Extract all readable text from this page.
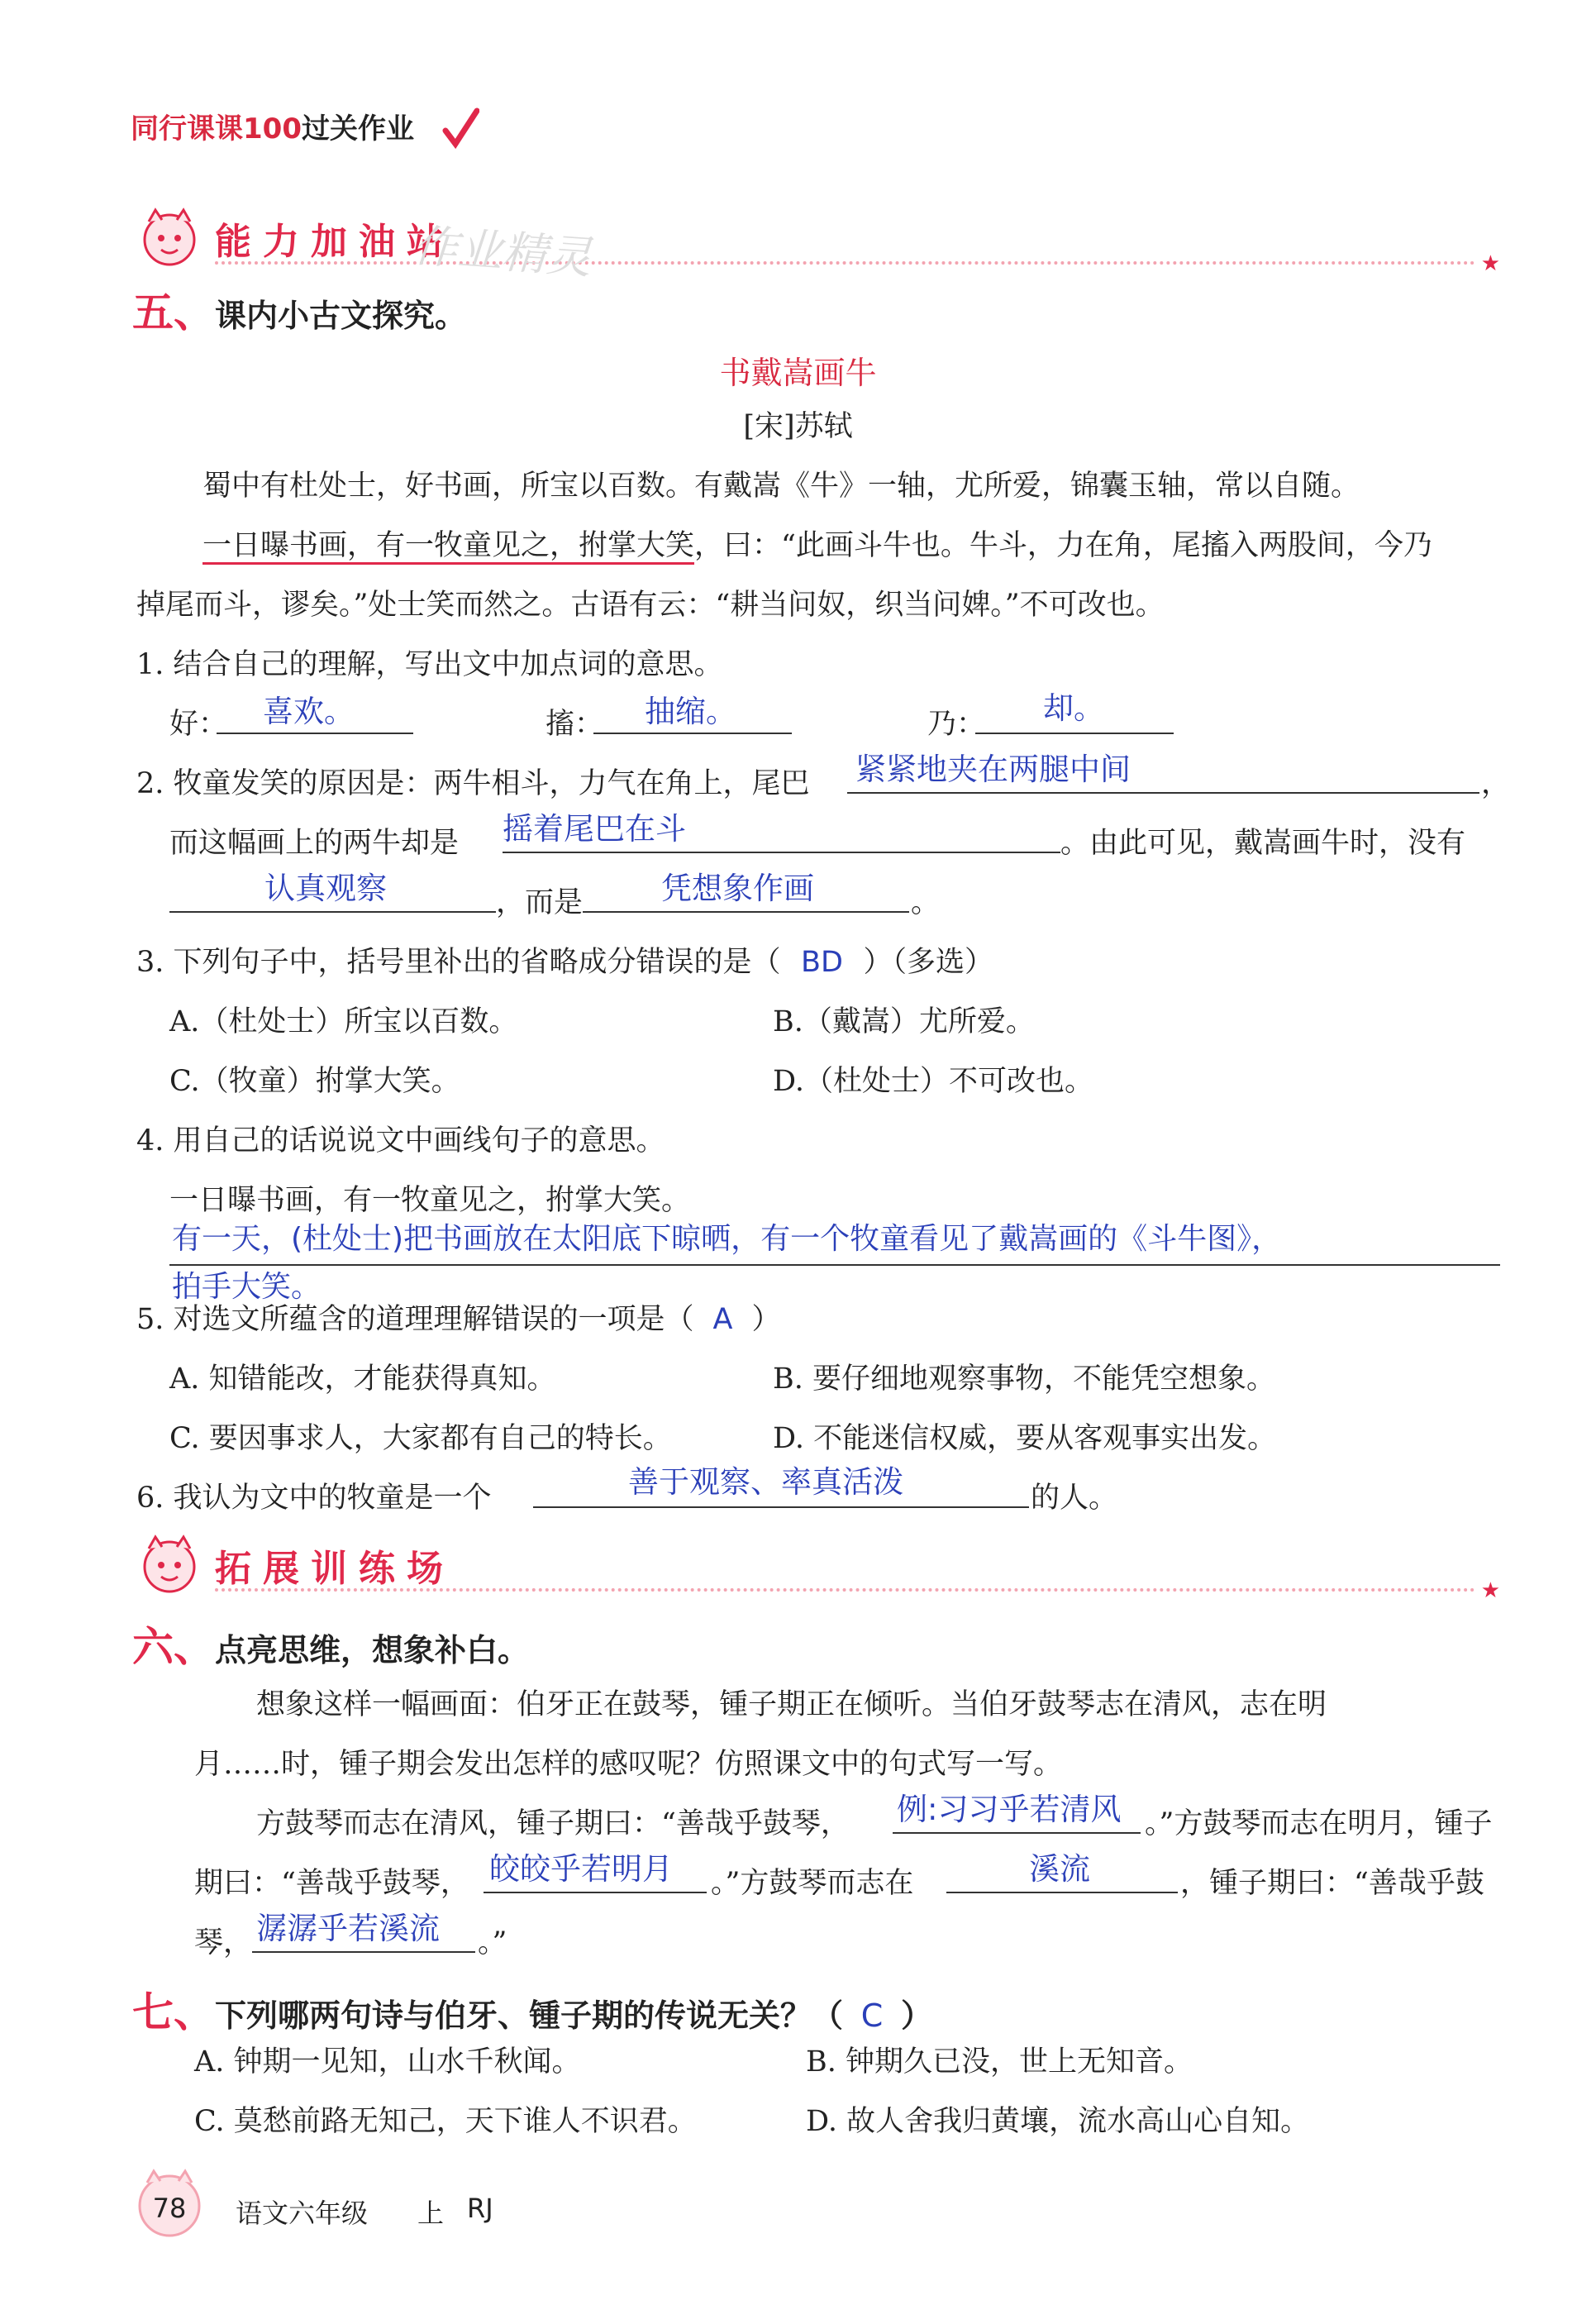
同行课课100过关作业
能力加油站
★
作业精灵
五、课内小古文探究。
书戴嵩画牛
[宋]苏轼
蜀中有杜处士，好书画，所宝以百数。有戴嵩《牛》一轴，尤所爱，锦囊玉轴，常以自随。
一日曝书画，有一牧童见之，拊掌大笑，曰：“此画斗牛也。牛斗，力在角，尾搐入两股间，今乃
掉尾而斗，谬矣。”处士笑而然之。古语有云：“耕当问奴，织当问婢。”不可改也。
1. 结合自己的理解，写出文中加点词的意思。
好： 喜欢。	搐： 抽缩。	乃： 却。
2. 牧童发笑的原因是：两牛相斗，力气在角上，尾巴 紧紧地夹在两腿中间	，
而这幅画上的两牛却是 摇着尾巴在斗	。由此可见，戴嵩画牛时，没有
认真观察	，而是	凭想象作画	。
3. 下列句子中，括号里补出的省略成分错误的是（ BD ）（多选）
A.（杜处士）所宝以百数。	B.（戴嵩）尤所爱。
C.（牧童）拊掌大笑。	D.（杜处士）不可改也。
4. 用自己的话说说文中画线句子的意思。
一日曝书画，有一牧童见之，拊掌大笑。
有一天，(杜处士)把书画放在太阳底下晾晒，有一个牧童看见了戴嵩画的《斗牛图》，
拍手大笑。
5. 对选文所蕴含的道理理解错误的一项是（ A ）
A. 知错能改，才能获得真知。	B. 要仔细地观察事物，不能凭空想象。
C. 要因事求人，大家都有自己的特长。	D. 不能迷信权威，要从客观事实出发。
6. 我认为文中的牧童是一个	善于观察、率真活泼	的人。
拓展训练场
★
六、点亮思维，想象补白。
想象这样一幅画面：伯牙正在鼓琴，锺子期正在倾听。当伯牙鼓琴志在清风，志在明
月……时，锺子期会发出怎样的感叹呢？仿照课文中的句式写一写。
方鼓琴而志在清风，锺子期曰：“善哉乎鼓琴， 例:习习乎若清风 。”方鼓琴而志在明月，锺子
期曰：“善哉乎鼓琴， 皎皎乎若明月 。”方鼓琴而志在	溪流	，锺子期曰：“善哉乎鼓
琴， 潺潺乎若溪流 。”
七、下列哪两句诗与伯牙、锺子期的传说无关？（ C ）
A. 钟期一见知，山水千秋闻。	B. 钟期久已没，世上无知音。
C. 莫愁前路无知己，天下谁人不识君。	D. 故人舍我归黄壤，流水高山心自知。
78	语文六年级 上 RJ
